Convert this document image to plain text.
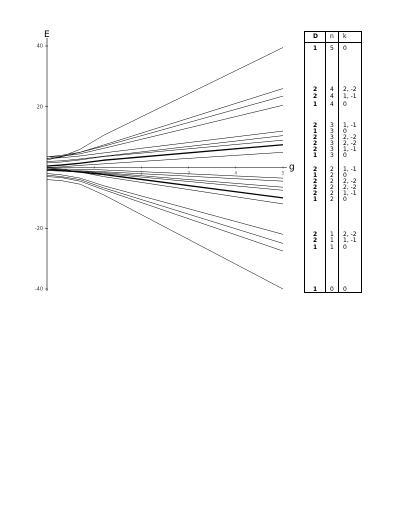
E
g
40
20
-20
-40
1	2	3	4	5
D n k
1 5 0
2 4 2, -2
2 4 1, -1
1 4 0
2 3 1, -1
1 3 0
2 3 2, -2
2 3 2, -2
2 3 1, -1
1 3 0
2 2 1, -1
1 2 0
2 2 2, -2
2 2 2, -2
2 2 1, -1
1 2 0
2 1 2, -2
2 1 1, -1
1 1 0
1 0 0
